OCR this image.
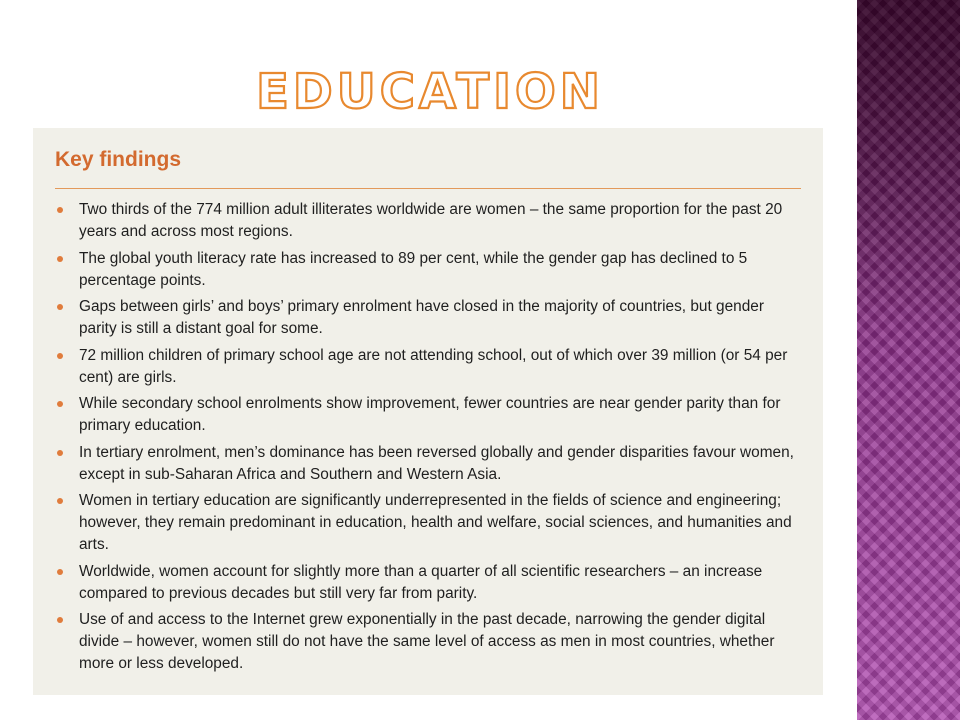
EDUCATION
Key findings
Two thirds of the 774 million adult illiterates worldwide are women – the same proportion for the past 20 years and across most regions.
The global youth literacy rate has increased to 89 per cent, while the gender gap has declined to 5 percentage points.
Gaps between girls’ and boys’ primary enrolment have closed in the majority of countries, but gender parity is still a distant goal for some.
72 million children of primary school age are not attending school, out of which over 39 million (or 54 per cent) are girls.
While secondary school enrolments show improvement, fewer countries are near gender parity than for primary education.
In tertiary enrolment, men’s dominance has been reversed globally and gender disparities favour women, except in sub-Saharan Africa and Southern and Western Asia.
Women in tertiary education are significantly underrepresented in the fields of science and engineering; however, they remain predominant in education, health and welfare, social sciences, and humanities and arts.
Worldwide, women account for slightly more than a quarter of all scientific researchers – an increase compared to previous decades but still very far from parity.
Use of and access to the Internet grew exponentially in the past decade, narrowing the gender digital divide – however, women still do not have the same level of access as men in most countries, whether more or less developed.
